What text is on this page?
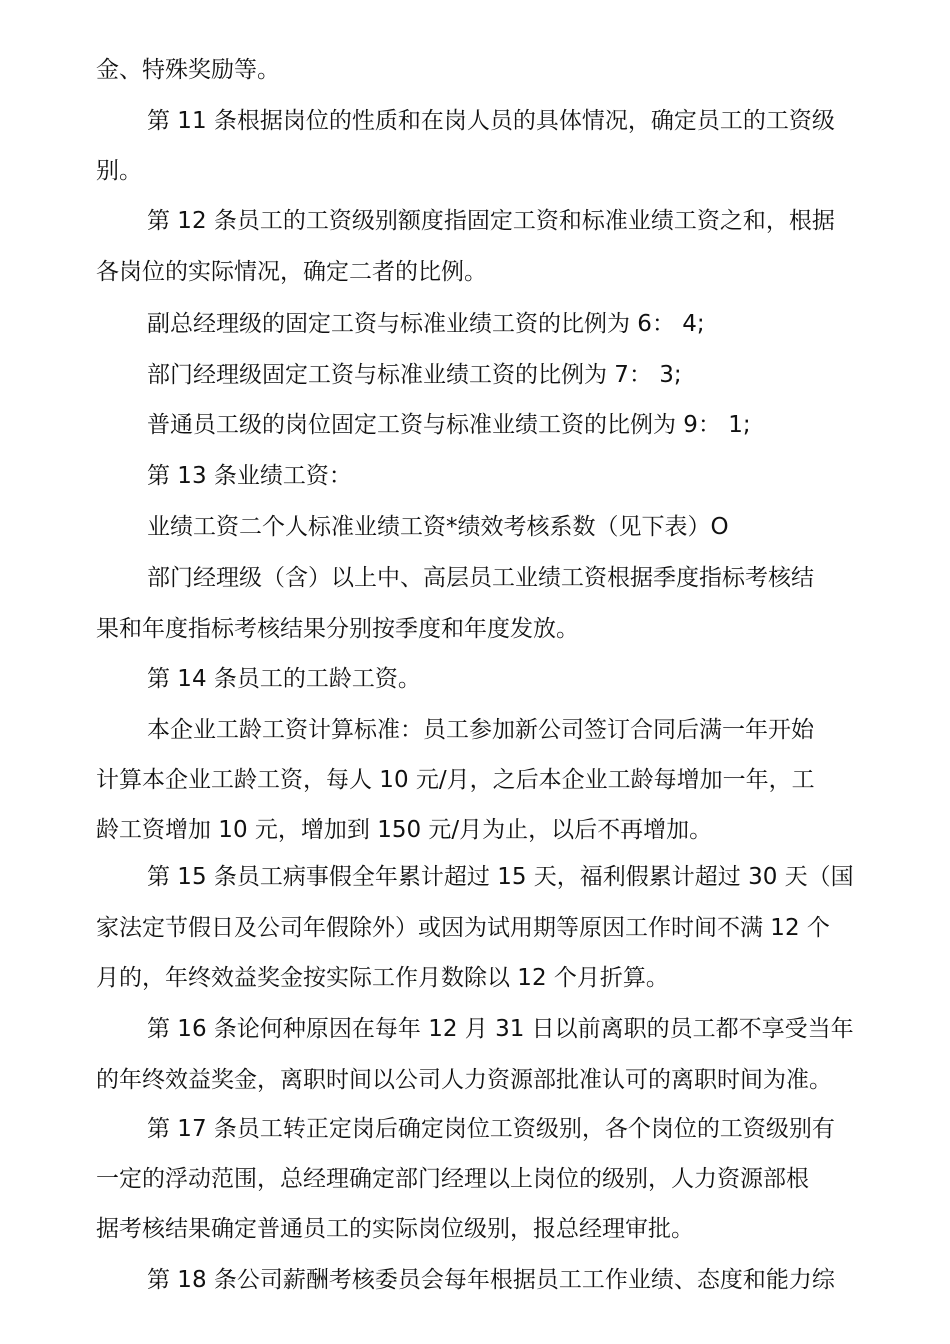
金、特殊奖励等。
第 11 条根据岗位的性质和在岗人员的具体情况，确定员工的工资级
别。
第 12 条员工的工资级别额度指固定工资和标准业绩工资之和，根据
各岗位的实际情况，确定二者的比例。
副总经理级的固定工资与标准业绩工资的比例为 6： 4;
部门经理级固定工资与标准业绩工资的比例为 7： 3;
普通员工级的岗位固定工资与标准业绩工资的比例为 9： 1;
第 13 条业绩工资：
业绩工资二个人标准业绩工资*绩效考核系数（见下表）O
部门经理级（含）以上中、高层员工业绩工资根据季度指标考核结
果和年度指标考核结果分别按季度和年度发放。
第 14 条员工的工龄工资。
本企业工龄工资计算标准：员工参加新公司签订合同后满一年开始
计算本企业工龄工资，每人 10 元/月，之后本企业工龄每增加一年，工
龄工资增加 10 元，增加到 150 元/月为止，以后不再增加。
第 15 条员工病事假全年累计超过 15 天，福利假累计超过 30 天（国
家法定节假日及公司年假除外）或因为试用期等原因工作时间不满 12 个
月的，年终效益奖金按实际工作月数除以 12 个月折算。
第 16 条论何种原因在每年 12 月 31 日以前离职的员工都不享受当年
的年终效益奖金，离职时间以公司人力资源部批准认可的离职时间为准。
第 17 条员工转正定岗后确定岗位工资级别，各个岗位的工资级别有
一定的浮动范围，总经理确定部门经理以上岗位的级别，人力资源部根
据考核结果确定普通员工的实际岗位级别，报总经理审批。
第 18 条公司薪酬考核委员会每年根据员工工作业绩、态度和能力综
